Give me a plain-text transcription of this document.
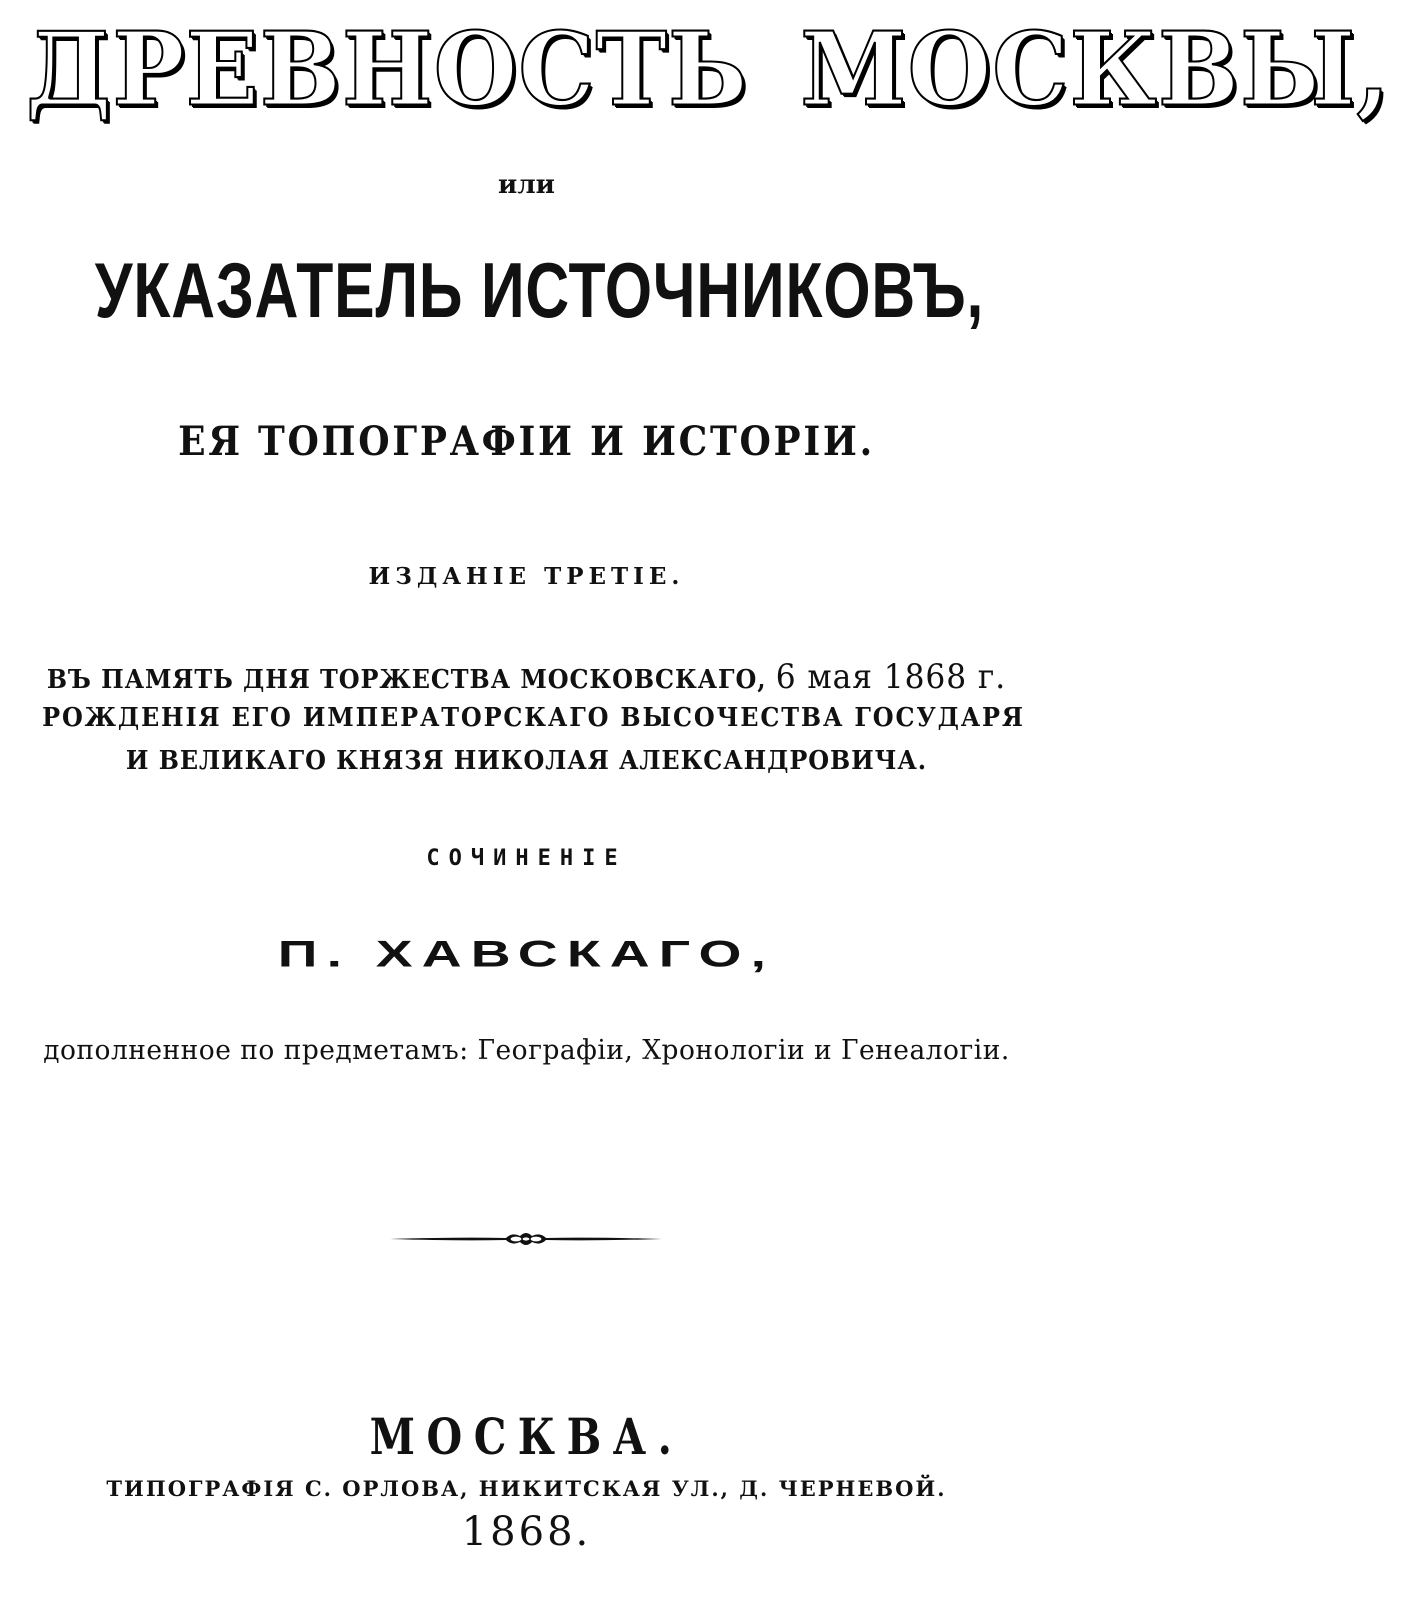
ДРЕВНОСТЬ МОСКВЫ,
или
УКАЗАТЕЛЬ ИСТОЧНИКОВЪ,
ЕЯ ТОПОГРАФІИ И ИСТОРІИ.
ИЗДАНІЕ ТРЕТІЕ.
ВЪ ПАМЯТЬ ДНЯ ТОРЖЕСТВА МОСКОВСКАГО, 6 мая 1868 г.
РОЖДЕНІЯ ЕГО ИМПЕРАТОРСКАГО ВЫСОЧЕСТВА ГОСУДАРЯ
И ВЕЛИКАГО КНЯЗЯ НИКОЛАЯ АЛЕКСАНДРОВИЧА.
СОЧИНЕНІЕ
П. ХАВСКАГО,
дополненное по предметамъ: Географіи, Хронологіи и Генеалогіи.
МОСКВА.
ТИПОГРАФІЯ С. ОРЛОВА, НИКИТСКАЯ УЛ., Д. ЧЕРНЕВОЙ.
1868.
